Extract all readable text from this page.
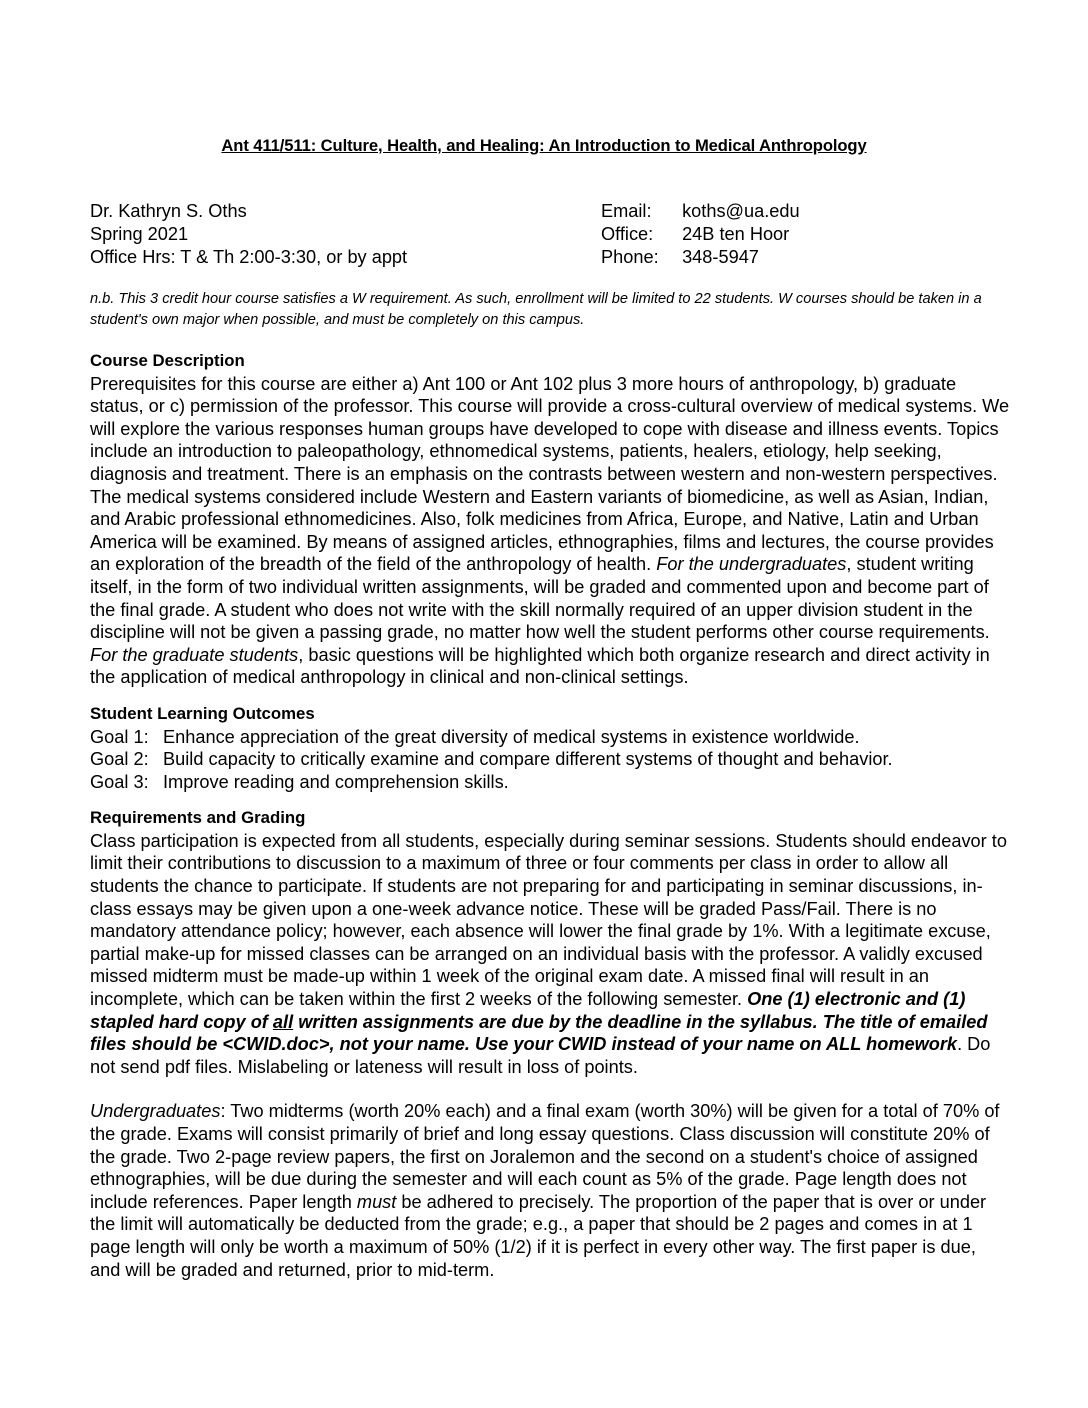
Ant 411/511: Culture, Health, and Healing: An Introduction to Medical Anthropology
Dr. Kathryn S. Oths
Spring 2021
Office Hrs: T & Th 2:00-3:30, or by appt
Email: koths@ua.edu
Office: 24B ten Hoor
Phone: 348-5947
n.b. This 3 credit hour course satisfies a W requirement. As such, enrollment will be limited to 22 students. W courses should be taken in a student's own major when possible, and must be completely on this campus.
Course Description

Prerequisites for this course are either a) Ant 100 or Ant 102 plus 3 more hours of anthropology, b) graduate status, or c) permission of the professor. This course will provide a cross-cultural overview of medical systems. We will explore the various responses human groups have developed to cope with disease and illness events. Topics include an introduction to paleopathology, ethnomedical systems, patients, healers, etiology, help seeking, diagnosis and treatment. There is an emphasis on the contrasts between western and non-western perspectives. The medical systems considered include Western and Eastern variants of biomedicine, as well as Asian, Indian, and Arabic professional ethnomedicines. Also, folk medicines from Africa, Europe, and Native, Latin and Urban America will be examined. By means of assigned articles, ethnographies, films and lectures, the course provides an exploration of the breadth of the field of the anthropology of health. For the undergraduates, student writing itself, in the form of two individual written assignments, will be graded and commented upon and become part of the final grade. A student who does not write with the skill normally required of an upper division student in the discipline will not be given a passing grade, no matter how well the student performs other course requirements. For the graduate students, basic questions will be highlighted which both organize research and direct activity in the application of medical anthropology in clinical and non-clinical settings.

Student Learning Outcomes
Goal 1: Enhance appreciation of the great diversity of medical systems in existence worldwide.
Goal 2: Build capacity to critically examine and compare different systems of thought and behavior.
Goal 3: Improve reading and comprehension skills.
Requirements and Grading

Class participation is expected from all students, especially during seminar sessions. Students should endeavor to limit their contributions to discussion to a maximum of three or four comments per class in order to allow all students the chance to participate. If students are not preparing for and participating in seminar discussions, in-class essays may be given upon a one-week advance notice. These will be graded Pass/Fail. There is no mandatory attendance policy; however, each absence will lower the final grade by 1%. With a legitimate excuse, partial make-up for missed classes can be arranged on an individual basis with the professor. A validly excused missed midterm must be made-up within 1 week of the original exam date. A missed final will result in an incomplete, which can be taken within the first 2 weeks of the following semester. One (1) electronic and (1) stapled hard copy of all written assignments are due by the deadline in the syllabus. The title of emailed files should be <CWID.doc>, not your name. Use your CWID instead of your name on ALL homework. Do not send pdf files. Mislabeling or lateness will result in loss of points.

Undergraduates: Two midterms (worth 20% each) and a final exam (worth 30%) will be given for a total of 70% of the grade. Exams will consist primarily of brief and long essay questions. Class discussion will constitute 20% of the grade. Two 2-page review papers, the first on Joralemon and the second on a student's choice of assigned ethnographies, will be due during the semester and will each count as 5% of the grade. Page length does not include references. Paper length must be adhered to precisely. The proportion of the paper that is over or under the limit will automatically be deducted from the grade; e.g., a paper that should be 2 pages and comes in at 1 page length will only be worth a maximum of 50% (1/2) if it is perfect in every other way. The first paper is due, and will be graded and returned, prior to mid-term.
